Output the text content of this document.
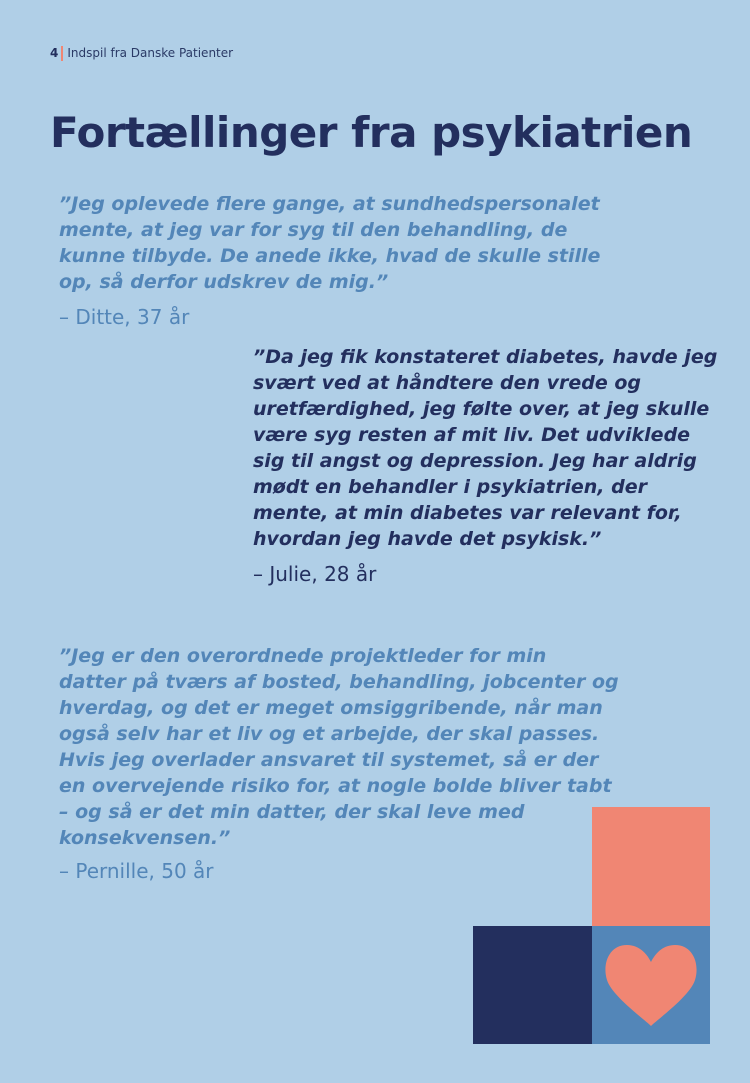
4 Indspil fra Danske Patienter
Fortællinger fra psykiatrien

”Jeg oplevede flere gange, at sundhedspersonalet mente, at jeg var for syg til den behandling, de kunne tilbyde. De anede ikke, hvad de skulle stille op, så derfor udskrev de mig.”

– Ditte, 37 år

”Da jeg fik konstateret diabetes, havde jeg svært ved at håndtere den vrede og uretfærdighed, jeg følte over, at jeg skulle være syg resten af mit liv. Det udviklede sig til angst og depression. Jeg har aldrig mødt en behandler i psykiatrien, der mente, at min diabetes var relevant for, hvordan jeg havde det psykisk.”

– Julie, 28 år

”Jeg er den overordnede projektleder for min datter på tværs af bosted, behandling, jobcenter og hverdag, og det er meget omsiggribende, når man også selv har et liv og et arbejde, der skal passes. Hvis jeg overlader ansvaret til systemet, så er der en overvejende risiko for, at nogle bolde bliver tabt – og så er det min datter, der skal leve med konsekvensen.”

– Pernille, 50 år
